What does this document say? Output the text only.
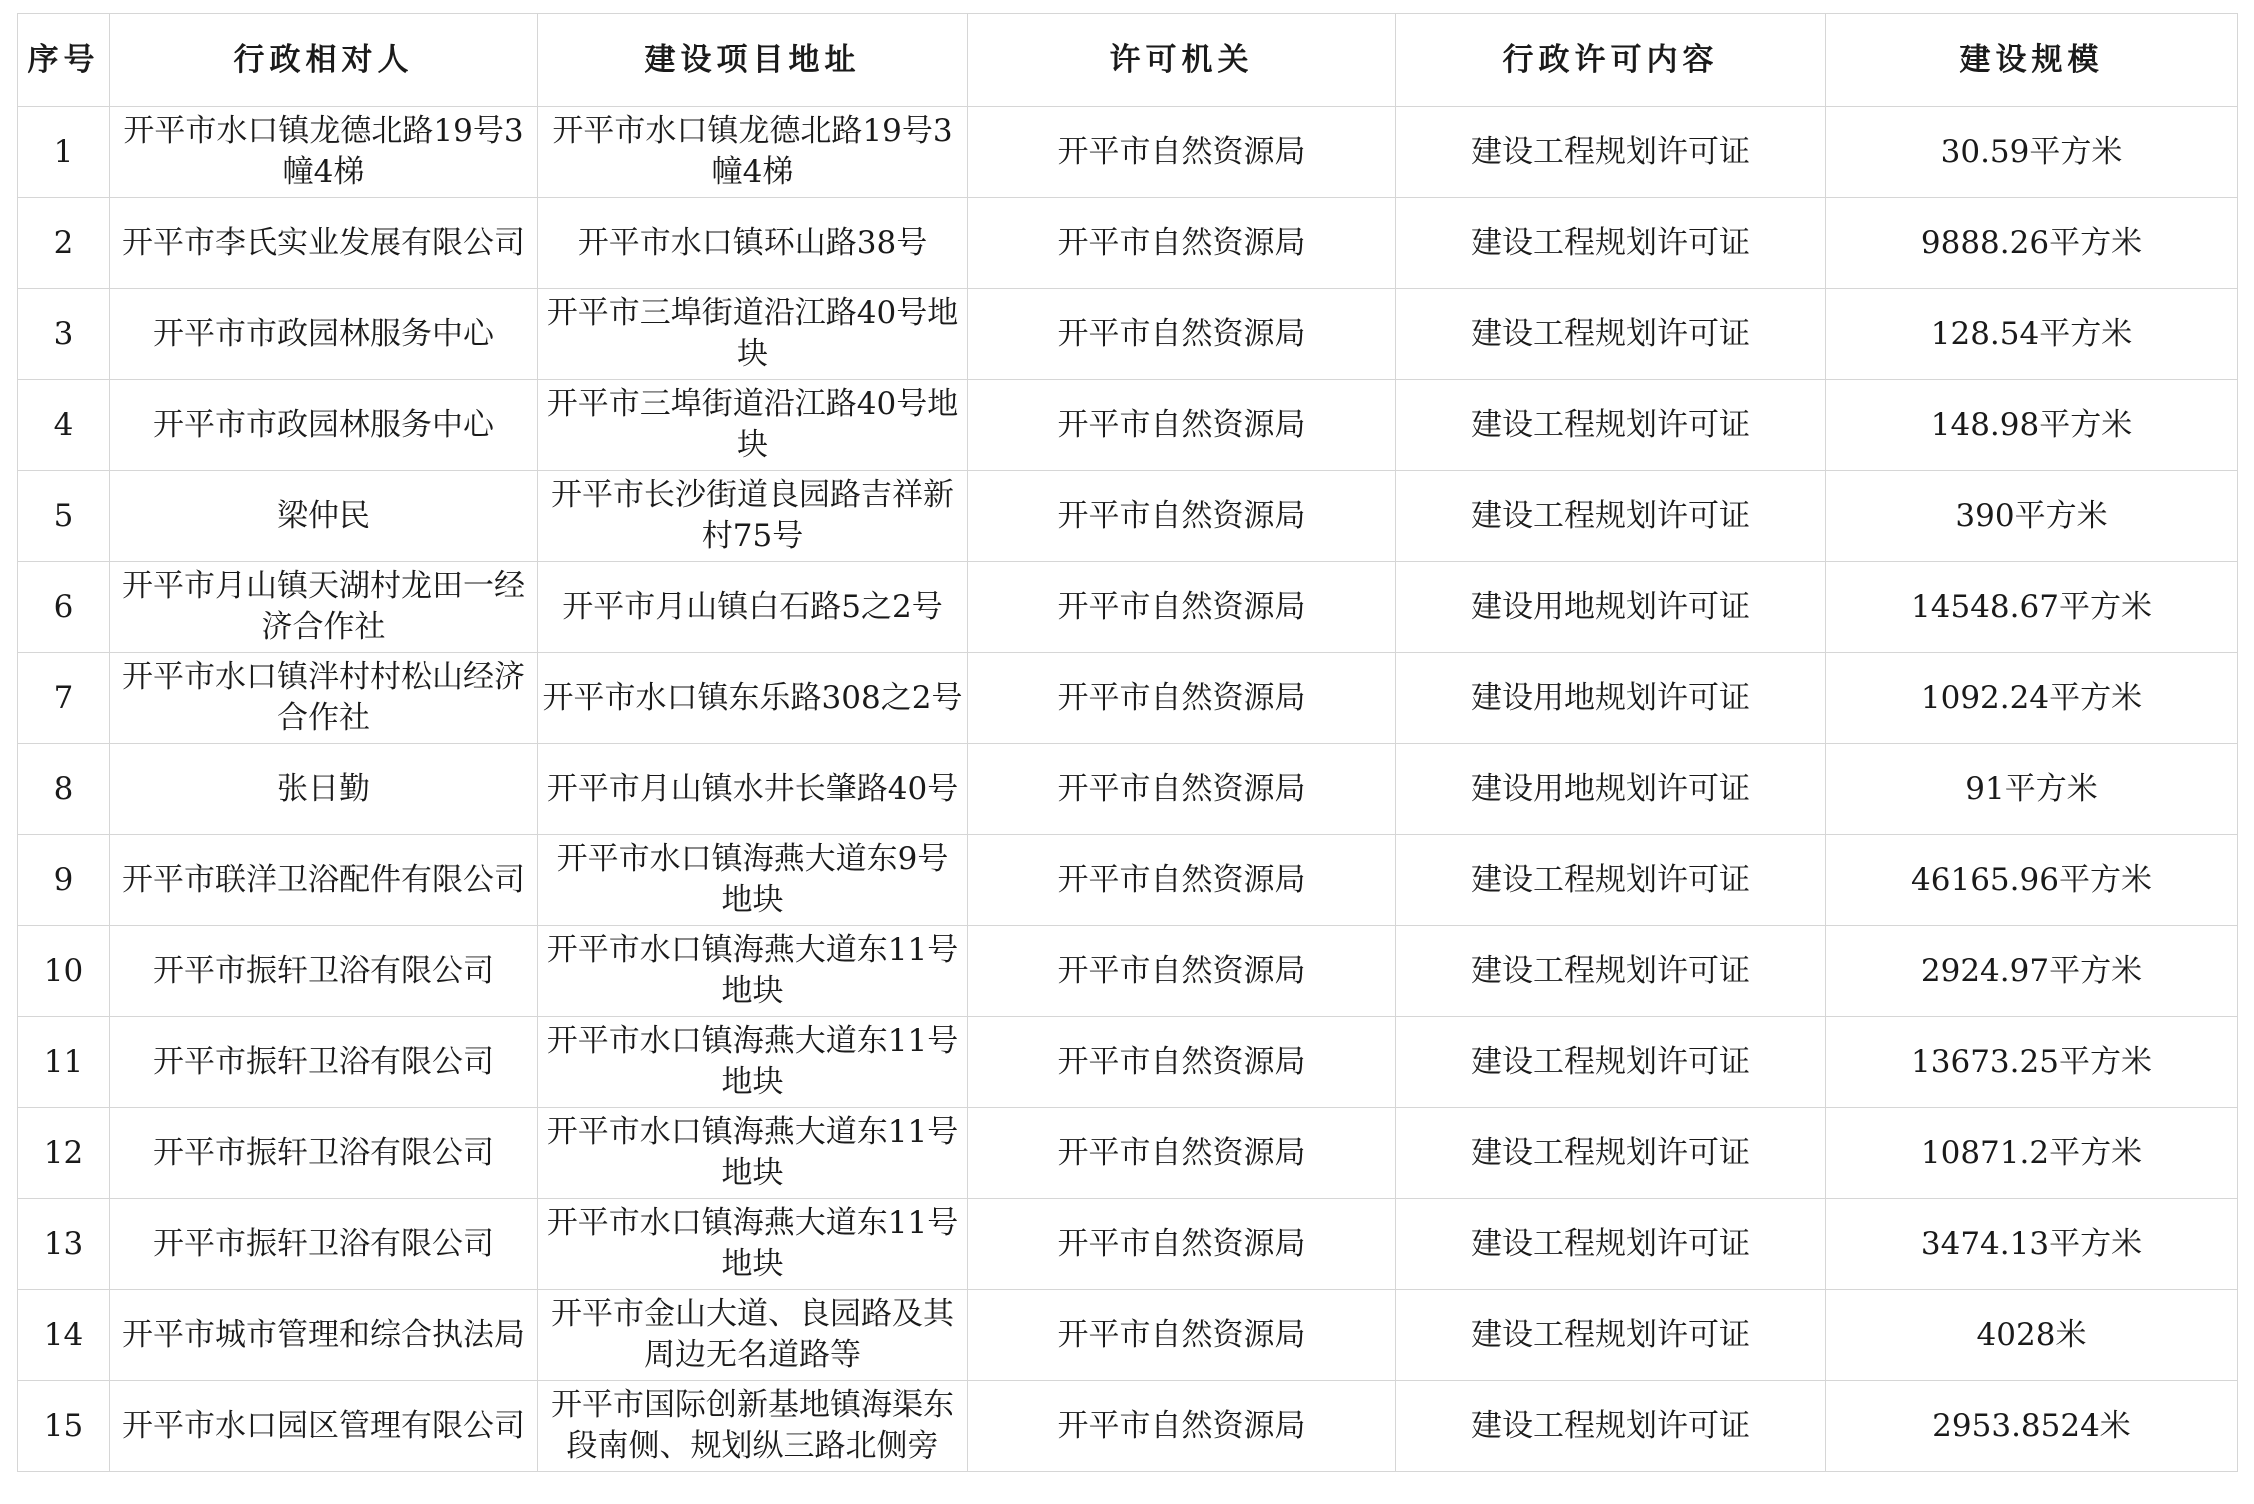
序号	行政相对人	建设项目地址	许可机关	行政许可内容	建设规模
1	开平市水口镇龙德北路19号3幢4梯	开平市水口镇龙德北路19号3幢4梯	开平市自然资源局	建设工程规划许可证	30.59平方米
2	开平市李氏实业发展有限公司	开平市水口镇环山路38号	开平市自然资源局	建设工程规划许可证	9888.26平方米
3	开平市市政园林服务中心	开平市三埠街道沿江路40号地块	开平市自然资源局	建设工程规划许可证	128.54平方米
4	开平市市政园林服务中心	开平市三埠街道沿江路40号地块	开平市自然资源局	建设工程规划许可证	148.98平方米
5	梁仲民	开平市长沙街道良园路吉祥新村75号	开平市自然资源局	建设工程规划许可证	390平方米
6	开平市月山镇天湖村龙田一经济合作社	开平市月山镇白石路5之2号	开平市自然资源局	建设用地规划许可证	14548.67平方米
7	开平市水口镇泮村村松山经济合作社	开平市水口镇东乐路308之2号	开平市自然资源局	建设用地规划许可证	1092.24平方米
8	张日勤	开平市月山镇水井长肇路40号	开平市自然资源局	建设用地规划许可证	91平方米
9	开平市联洋卫浴配件有限公司	开平市水口镇海燕大道东9号地块	开平市自然资源局	建设工程规划许可证	46165.96平方米
10	开平市振轩卫浴有限公司	开平市水口镇海燕大道东11号地块	开平市自然资源局	建设工程规划许可证	2924.97平方米
11	开平市振轩卫浴有限公司	开平市水口镇海燕大道东11号地块	开平市自然资源局	建设工程规划许可证	13673.25平方米
12	开平市振轩卫浴有限公司	开平市水口镇海燕大道东11号地块	开平市自然资源局	建设工程规划许可证	10871.2平方米
13	开平市振轩卫浴有限公司	开平市水口镇海燕大道东11号地块	开平市自然资源局	建设工程规划许可证	3474.13平方米
14	开平市城市管理和综合执法局	开平市金山大道、良园路及其周边无名道路等	开平市自然资源局	建设工程规划许可证	4028米
15	开平市水口园区管理有限公司	开平市国际创新基地镇海渠东段南侧、规划纵三路北侧旁	开平市自然资源局	建设工程规划许可证	2953.8524米
